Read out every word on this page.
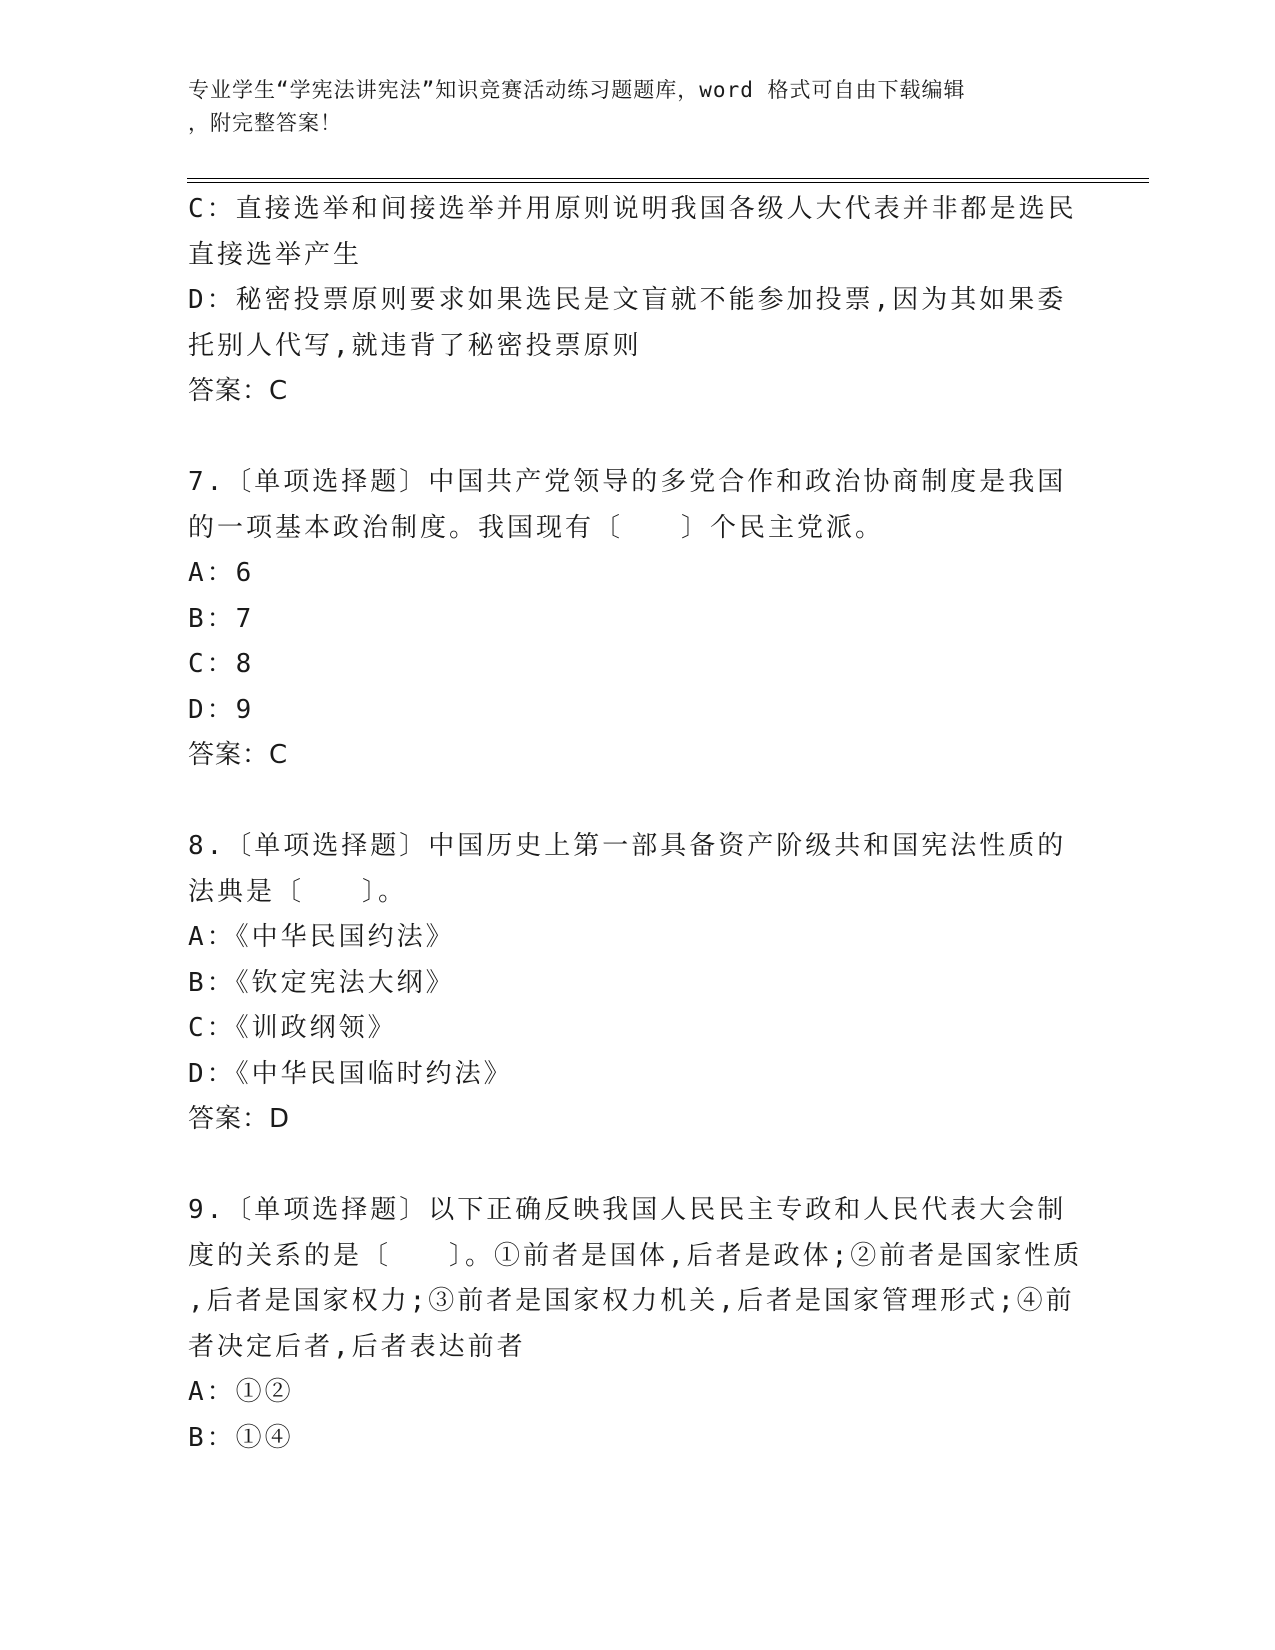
专业学生“学宪法讲宪法”知识竞赛活动练习题题库，word 格式可自由下载编辑
，附完整答案！

C：直接选举和间接选举并用原则说明我国各级人大代表并非都是选民

直接选举产生

D：秘密投票原则要求如果选民是文盲就不能参加投票,因为其如果委

托别人代写,就违背了秘密投票原则

答案：C

7.〔单项选择题〕中国共产党领导的多党合作和政治协商制度是我国

的一项基本政治制度。我国现有〔　　〕个民主党派。

A：6

B：7

C：8

D：9

答案：C

8.〔单项选择题〕中国历史上第一部具备资产阶级共和国宪法性质的

法典是〔　　〕。

A：《中华民国约法》

B：《钦定宪法大纲》

C：《训政纲领》

D：《中华民国临时约法》

答案：D

9.〔单项选择题〕以下正确反映我国人民民主专政和人民代表大会制

度的关系的是〔　　〕。①前者是国体,后者是政体;②前者是国家性质

,后者是国家权力;③前者是国家权力机关,后者是国家管理形式;④前

者决定后者,后者表达前者

A：①②

B：①④
